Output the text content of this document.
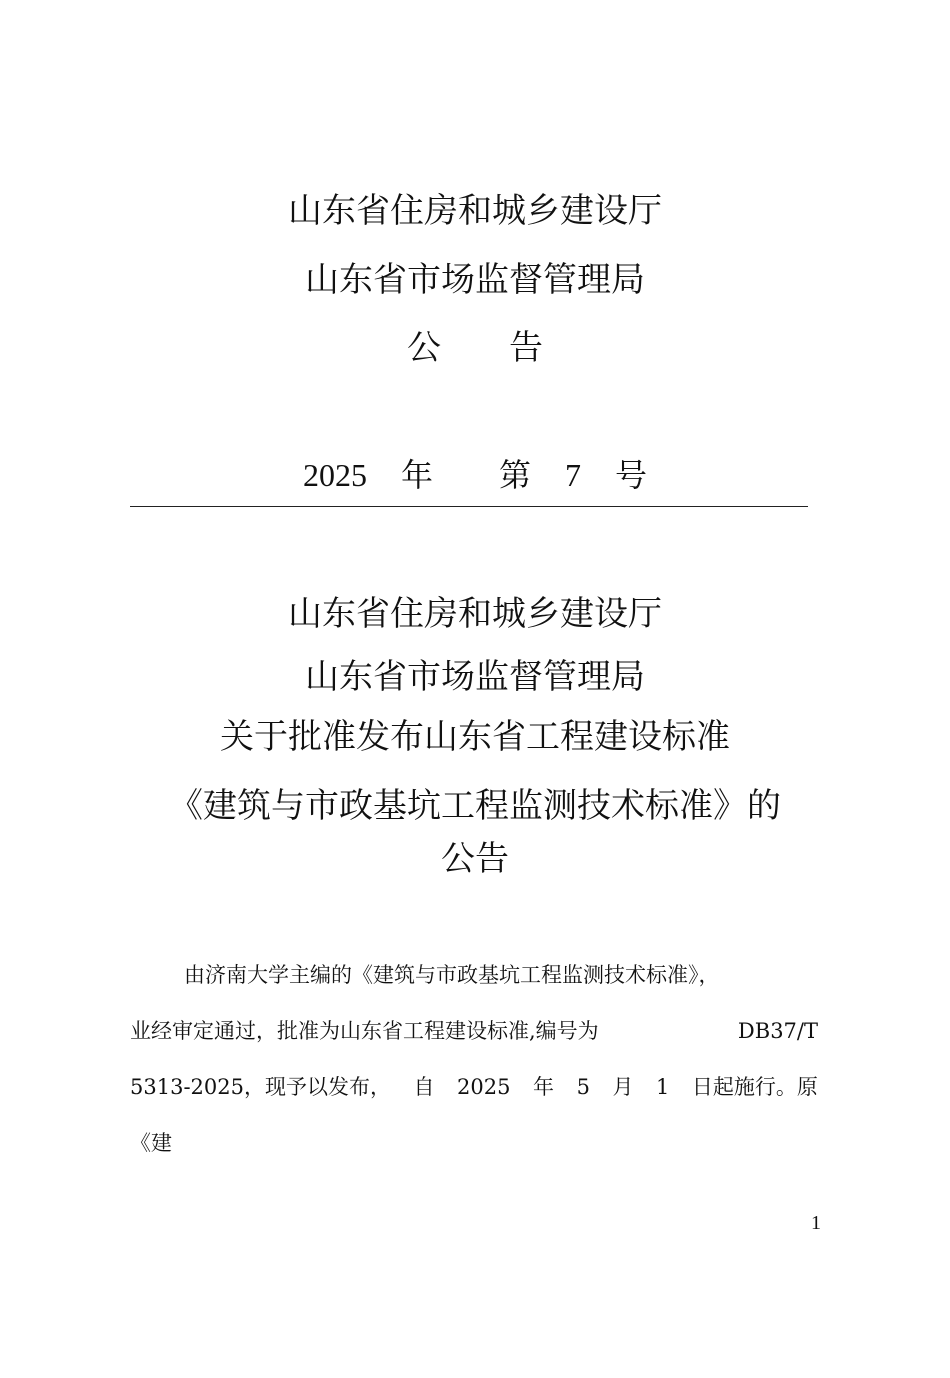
山东省住房和城乡建设厅
山东省市场监督管理局
公　　告
2025 年 第 7 号
山东省住房和城乡建设厅
山东省市场监督管理局
关于批准发布山东省工程建设标准
《建筑与市政基坑工程监测技术标准》的
公告
由济南大学主编的《建筑与市政基坑工程监测技术标准》，
业经审定通过，批准为山东省工程建设标准,编号为	DB37/T
5313-2025，现予以发布， 自 2025 年 5 月 1 日起施行。原
《建
1
